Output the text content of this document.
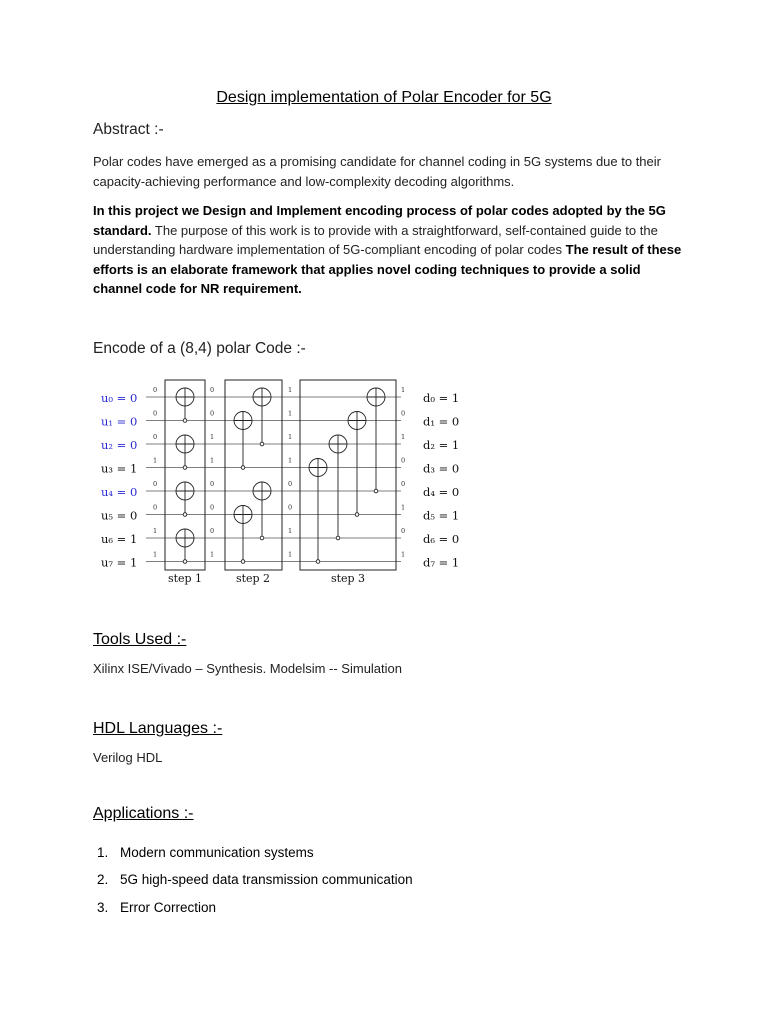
Design implementation of Polar Encoder for 5G
Abstract :-
Polar codes have emerged as a promising candidate for channel coding in 5G systems due to their capacity-achieving performance and low-complexity decoding algorithms.
In this project we Design and Implement encoding process of polar codes adopted by the 5G standard. The purpose of this work is to provide with a straightforward, self-contained guide to the understanding hardware implementation of 5G-compliant encoding of polar codes The result of these efforts is an elaborate framework that applies novel coding techniques to provide a solid channel code for NR requirement.
Encode of a (8,4) polar Code :-
u₀ = 0
u₁ = 0
u₂ = 0
u₃ = 1
u₄ = 0
u₅ = 0
u₆ = 1
u₇ = 1
d₀ = 1
d₁ = 0
d₂ = 1
d₃ = 0
d₄ = 0
d₅ = 1
d₆ = 0
d₇ = 1
0
0
0
1
0
0
1
1
0
0
1
1
0
0
0
1
1
1
1
1
0
0
1
1
1
0
1
0
0
1
0
1
step 1	step 2	step 3
Tools Used :-
Xilinx ISE/Vivado – Synthesis. Modelsim -- Simulation
HDL Languages :-
Verilog HDL
Applications :-
1. Modern communication systems
2. 5G high-speed data transmission communication
3. Error Correction
